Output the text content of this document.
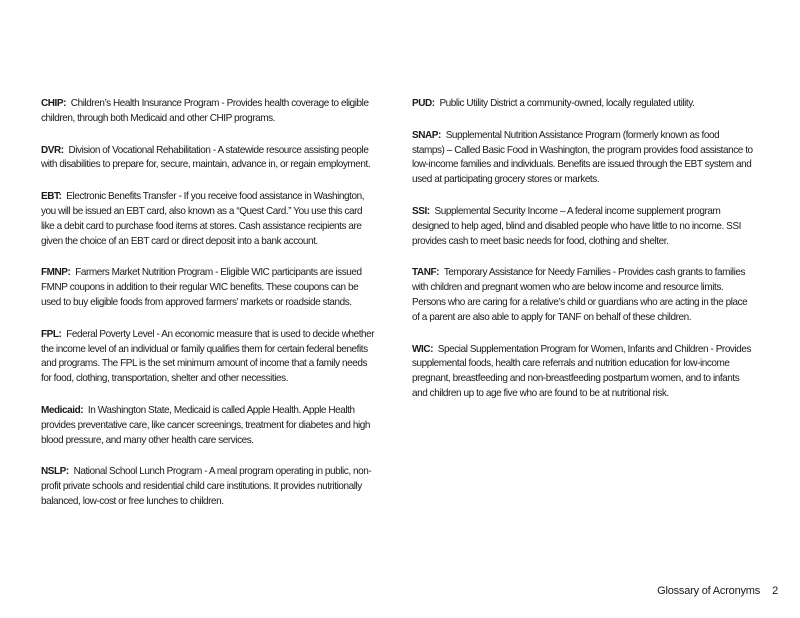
CHIP: Children’s Health Insurance Program - Provides health coverage to eligible children, through both Medicaid and other CHIP programs.

DVR: Division of Vocational Rehabilitation - A statewide resource assisting people with disabilities to prepare for, secure, maintain, advance in, or regain employment.

EBT: Electronic Benefits Transfer - If you receive food assistance in Washington, you will be issued an EBT card, also known as a “Quest Card.” You use this card like a debit card to purchase food items at stores. Cash assistance recipients are given the choice of an EBT card or direct deposit into a bank account.

FMNP: Farmers Market Nutrition Program - Eligible WIC participants are issued FMNP coupons in addition to their regular WIC benefits. These coupons can be used to buy eligible foods from approved farmers’ markets or roadside stands.

FPL: Federal Poverty Level - An economic measure that is used to decide whether the income level of an individual or family qualifies them for certain federal benefits and programs. The FPL is the set minimum amount of income that a family needs for food, clothing, transportation, shelter and other necessities.

Medicaid: In Washington State, Medicaid is called Apple Health. Apple Health provides preventative care, like cancer screenings, treatment for diabetes and high blood pressure, and many other health care services.

NSLP: National School Lunch Program - A meal program operating in public, non-profit private schools and residential child care institutions. It provides nutritionally balanced, low-cost or free lunches to children.

PUD: Public Utility District a community-owned, locally regulated utility.

SNAP: Supplemental Nutrition Assistance Program (formerly known as food stamps) – Called Basic Food in Washington, the program provides food assistance to low-income families and individuals. Benefits are issued through the EBT system and used at participating grocery stores or markets.

SSI: Supplemental Security Income – A federal income supplement program designed to help aged, blind and disabled people who have little to no income. SSI provides cash to meet basic needs for food, clothing and shelter.

TANF: Temporary Assistance for Needy Families - Provides cash grants to families with children and pregnant women who are below income and resource limits. Persons who are caring for a relative’s child or guardians who are acting in the place of a parent are also able to apply for TANF on behalf of these children.

WIC: Special Supplementation Program for Women, Infants and Children - Provides supplemental foods, health care referrals and nutrition education for low-income pregnant, breastfeeding and non-breastfeeding postpartum women, and to infants and children up to age five who are found to be at nutritional risk.

Glossary of Acronyms 2
